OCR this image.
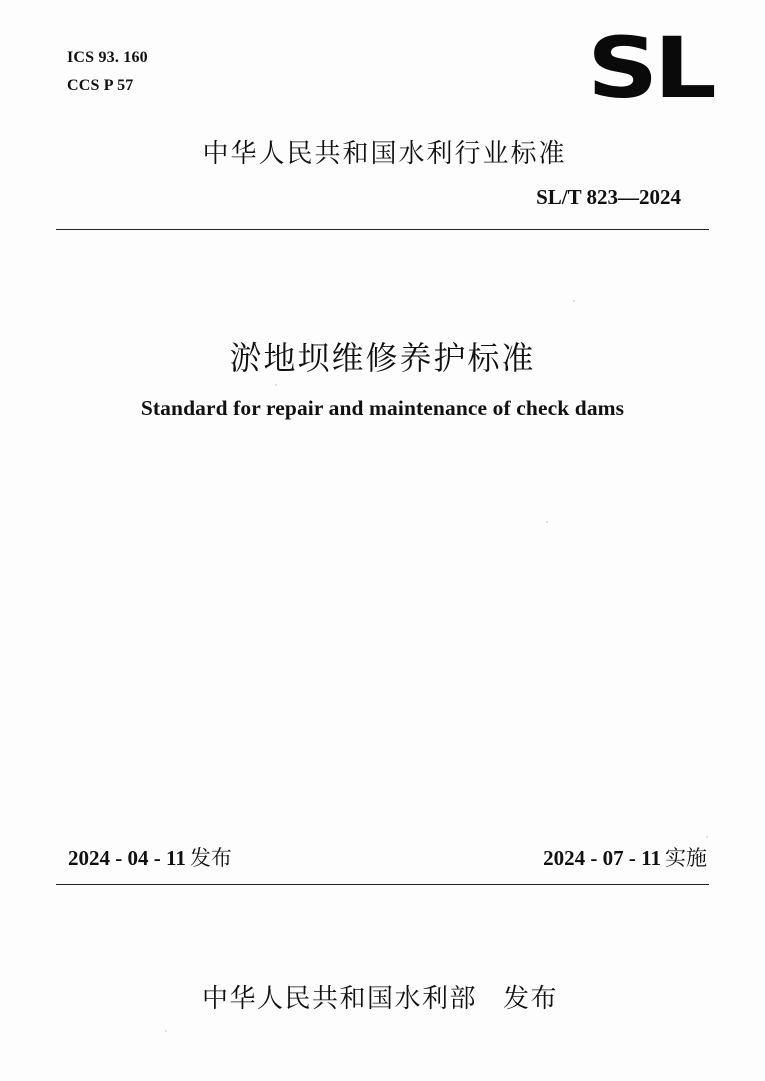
ICS 93. 160
CCS P 57	SL
中华人民共和国水利行业标准
SL/T 823—2024
淤地坝维修养护标准
Standard for repair and maintenance of check dams
2024 - 04 - 11 发布	2024 - 07 - 11 实施
中华人民共和国水利部 发布
